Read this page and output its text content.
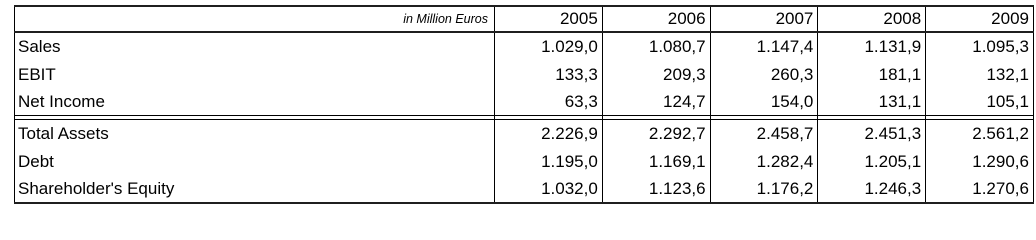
in Million Euros	2005	2006	2007	2008	2009
Sales	1.029,0	1.080,7	1.147,4	1.131,9	1.095,3
EBIT	133,3	209,3	260,3	181,1	132,1
Net Income	63,3	124,7	154,0	131,1	105,1

Total Assets	2.226,9	2.292,7	2.458,7	2.451,3	2.561,2
Debt	1.195,0	1.169,1	1.282,4	1.205,1	1.290,6
Shareholder's Equity	1.032,0	1.123,6	1.176,2	1.246,3	1.270,6
